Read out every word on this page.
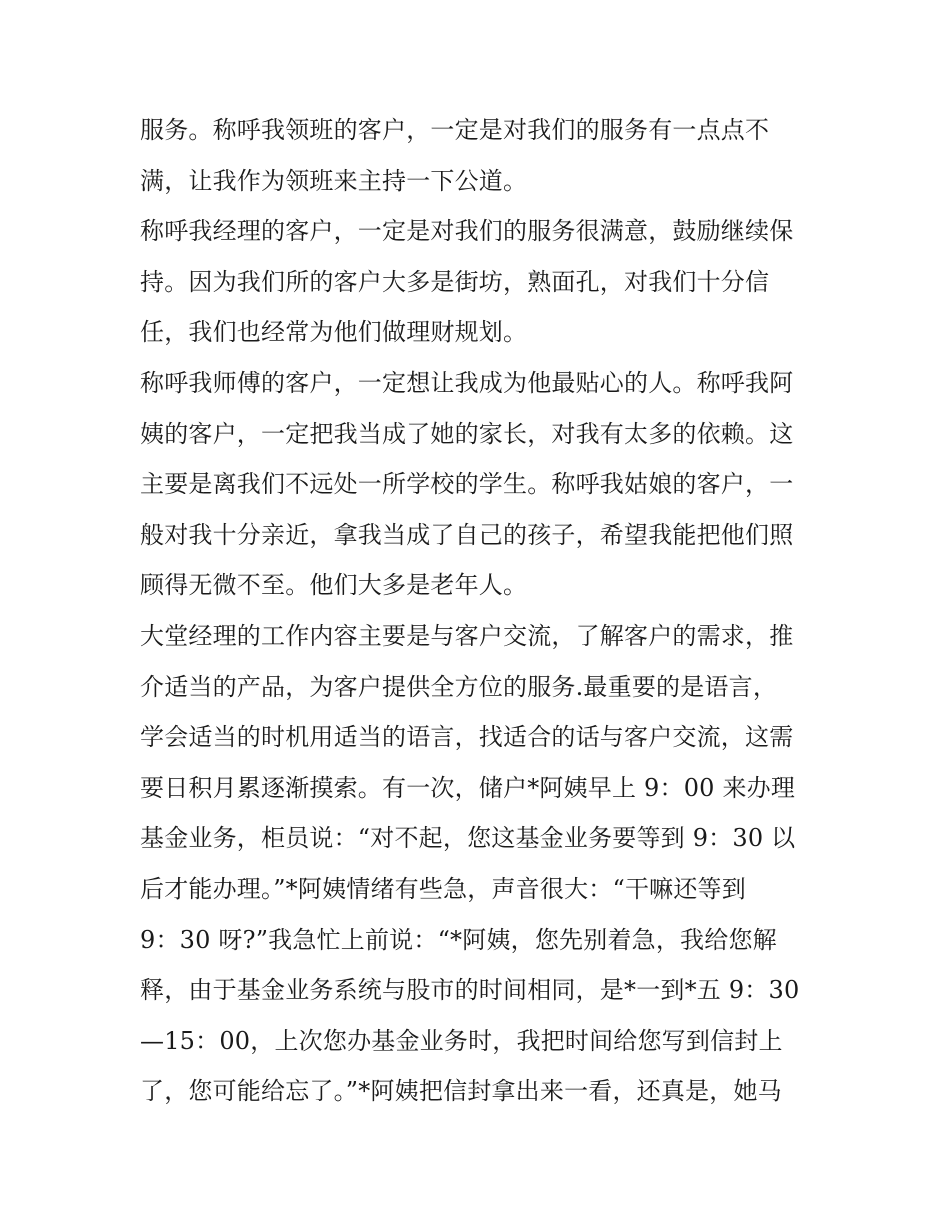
服务。称呼我领班的客户，一定是对我们的服务有一点点不
满，让我作为领班来主持一下公道。
称呼我经理的客户，一定是对我们的服务很满意，鼓励继续保
持。因为我们所的客户大多是街坊，熟面孔，对我们十分信
任，我们也经常为他们做理财规划。
称呼我师傅的客户，一定想让我成为他最贴心的人。称呼我阿
姨的客户，一定把我当成了她的家长，对我有太多的依赖。这
主要是离我们不远处一所学校的学生。称呼我姑娘的客户，一
般对我十分亲近，拿我当成了自己的孩子，希望我能把他们照
顾得无微不至。他们大多是老年人。
大堂经理的工作内容主要是与客户交流，了解客户的需求，推
介适当的产品，为客户提供全方位的服务.最重要的是语言，
学会适当的时机用适当的语言，找适合的话与客户交流，这需
要日积月累逐渐摸索。有一次，储户*阿姨早上 9：00 来办理
基金业务，柜员说：“对不起，您这基金业务要等到 9：30 以
后才能办理。”*阿姨情绪有些急，声音很大：“干嘛还等到
9：30 呀?”我急忙上前说：“*阿姨，您先别着急，我给您解
释，由于基金业务系统与股市的时间相同，是*一到*五 9：30
—15：00，上次您办基金业务时，我把时间给您写到信封上
了，您可能给忘了。”*阿姨把信封拿出来一看，还真是，她马
